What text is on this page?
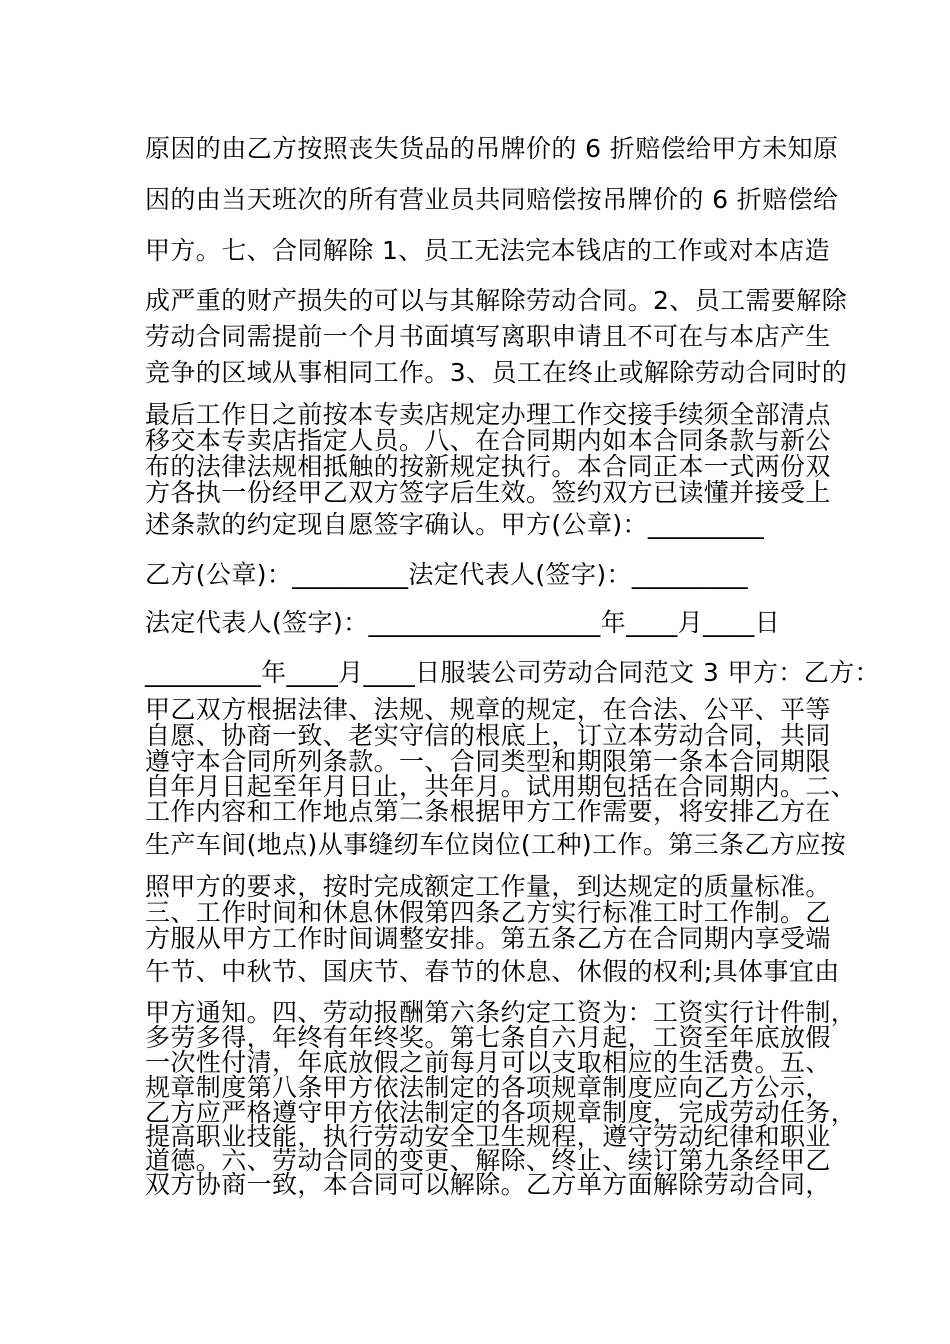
原因的由乙方按照丧失货品的吊牌价的 6 折赔偿给甲方未知原
因的由当天班次的所有营业员共同赔偿按吊牌价的 6 折赔偿给
甲方。七、合同解除 1、员工无法完本钱店的工作或对本店造
成严重的财产损失的可以与其解除劳动合同。2、员工需要解除
劳动合同需提前一个月书面填写离职申请且不可在与本店产生
竞争的区域从事相同工作。3、员工在终止或解除劳动合同时的
最后工作日之前按本专卖店规定办理工作交接手续须全部清点
移交本专卖店指定人员。八、在合同期内如本合同条款与新公
布的法律法规相抵触的按新规定执行。本合同正本一式两份双
方各执一份经甲乙双方签字后生效。签约双方已读懂并接受上
述条款的约定现自愿签字确认。甲方(公章)：_________
乙方(公章)：_________法定代表人(签字)：_________
法定代表人(签字)：__________________年____月____日
_________年____月____日服装公司劳动合同范文 3 甲方：乙方：
甲乙双方根据法律、法规、规章的规定，在合法、公平、平等
自愿、协商一致、老实守信的根底上，订立本劳动合同，共同
遵守本合同所列条款。一、合同类型和期限第一条本合同期限
自年月日起至年月日止，共年月。试用期包括在合同期内。二、
工作内容和工作地点第二条根据甲方工作需要，将安排乙方在
生产车间(地点)从事缝纫车位岗位(工种)工作。第三条乙方应按
照甲方的要求，按时完成额定工作量，到达规定的质量标准。
三、工作时间和休息休假第四条乙方实行标准工时工作制。乙
方服从甲方工作时间调整安排。第五条乙方在合同期内享受端
午节、中秋节、国庆节、春节的休息、休假的权利;具体事宜由
甲方通知。四、劳动报酬第六条约定工资为：工资实行计件制，
多劳多得，年终有年终奖。第七条自六月起，工资至年底放假
一次性付清，年底放假之前每月可以支取相应的生活费。五、
规章制度第八条甲方依法制定的各项规章制度应向乙方公示，
乙方应严格遵守甲方依法制定的各项规章制度，完成劳动任务，
提高职业技能，执行劳动安全卫生规程，遵守劳动纪律和职业
道德。六、劳动合同的变更、解除、终止、续订第九条经甲乙
双方协商一致，本合同可以解除。乙方单方面解除劳动合同，
